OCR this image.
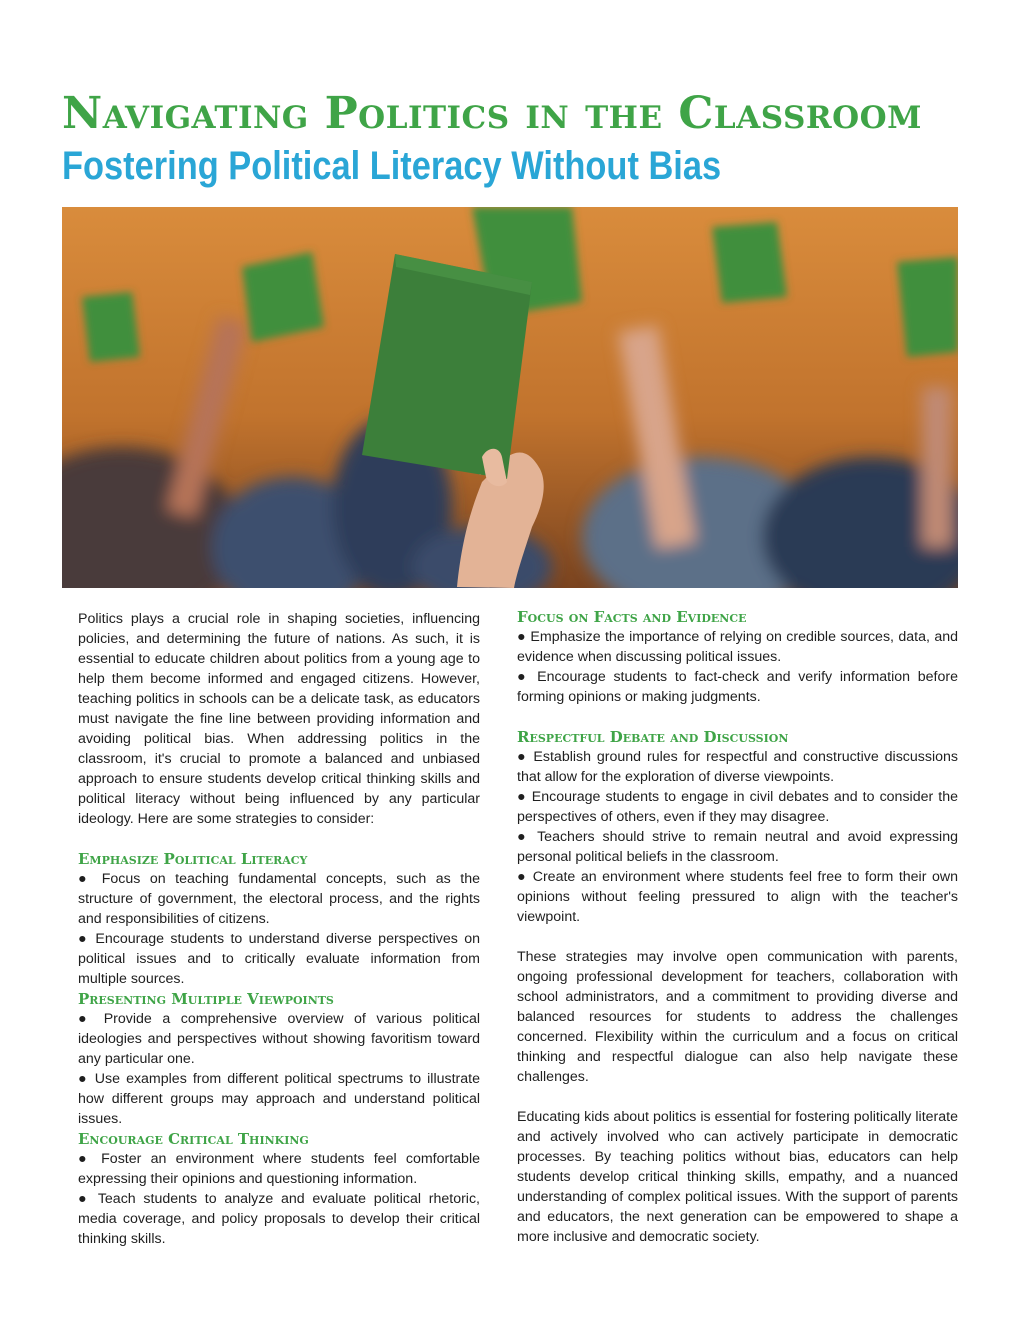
Navigating Politics in the Classroom
Fostering Political Literacy Without Bias

Politics plays a crucial role in shaping societies, influencing policies, and determining the future of nations. As such, it is essential to educate children about politics from a young age to help them become informed and engaged citizens. However, teaching politics in schools can be a delicate task, as educators must navigate the fine line between providing information and avoiding political bias. When addressing politics in the classroom, it's crucial to promote a balanced and unbiased approach to ensure students develop critical thinking skills and political literacy without being influenced by any particular ideology. Here are some strategies to consider:

Emphasize Political Literacy

● Focus on teaching fundamental concepts, such as the structure of government, the electoral process, and the rights and responsibilities of citizens.

● Encourage students to understand diverse perspectives on political issues and to critically evaluate information from multiple sources.

Presenting Multiple Viewpoints

● Provide a comprehensive overview of various political ideologies and perspectives without showing favoritism toward any particular one.

● Use examples from different political spectrums to illustrate how different groups may approach and understand political issues.

Encourage Critical Thinking

● Foster an environment where students feel comfortable expressing their opinions and questioning information.

● Teach students to analyze and evaluate political rhetoric, media coverage, and policy proposals to develop their critical thinking skills.

Focus on Facts and Evidence

● Emphasize the importance of relying on credible sources, data, and evidence when discussing political issues.

● Encourage students to fact-check and verify information before forming opinions or making judgments.

Respectful Debate and Discussion

● Establish ground rules for respectful and constructive discussions that allow for the exploration of diverse viewpoints.

● Encourage students to engage in civil debates and to consider the perspectives of others, even if they may disagree.

● Teachers should strive to remain neutral and avoid expressing personal political beliefs in the classroom.

● Create an environment where students feel free to form their own opinions without feeling pressured to align with the teacher's viewpoint.

These strategies may involve open communication with parents, ongoing professional development for teachers, collaboration with school administrators, and a commitment to providing diverse and balanced resources for students to address the challenges concerned. Flexibility within the curriculum and a focus on critical thinking and respectful dialogue can also help navigate these challenges.

Educating kids about politics is essential for fostering politically literate and actively involved who can actively participate in democratic processes. By teaching politics without bias, educators can help students develop critical thinking skills, empathy, and a nuanced understanding of complex political issues. With the support of parents and educators, the next generation can be empowered to shape a more inclusive and democratic society.
